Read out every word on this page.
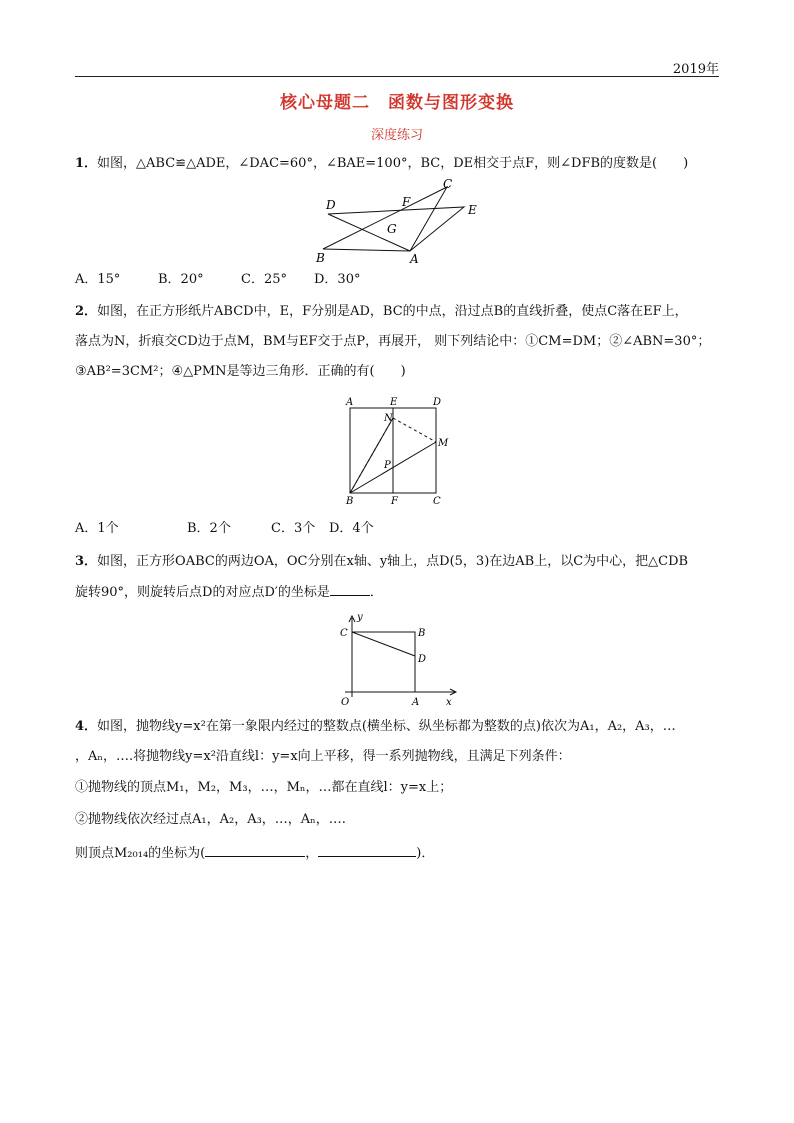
2019年
核心母题二　函数与图形变换
深度练习
1．如图，△ABC≌△ADE，∠DAC=60°，∠BAE=100°，BC，DE相交于点F，则∠DFB的度数是(　　)
D
C
F
E
G
B	A
A．15°	B．20°	C．25° D．30°
2．如图，在正方形纸片ABCD中，E，F分别是AD，BC的中点，沿过点B的直线折叠，使点C落在EF上，
落点为N，折痕交CD边于点M，BM与EF交于点P，再展开， 则下列结论中：①CM=DM；②∠ABN=30°；
③AB²=3CM²；④△PMN是等边三角形．正确的有(　　)
A	E	D
N
M
P
B	F	C
A．1个	B．2个	C．3个 D．4个
3．如图，正方形OABC的两边OA，OC分别在x轴、y轴上，点D(5，3)在边AB上，以C为中心，把△CDB
旋转90°，则旋转后点D的对应点D′的坐标是	．
y
C	B
D
O	A	x
4．如图，抛物线y=x²在第一象限内经过的整数点(横坐标、纵坐标都为整数的点)依次为A₁，A₂，A₃，…
，Aₙ，….将抛物线y=x²沿直线l：y=x向上平移，得一系列抛物线，且满足下列条件：
①抛物线的顶点M₁，M₂，M₃，…，Mₙ，…都在直线l：y=x上；
②抛物线依次经过点A₁，A₂，A₃，…，Aₙ，….
则顶点M₂₀₁₄的坐标为(	，	)．
